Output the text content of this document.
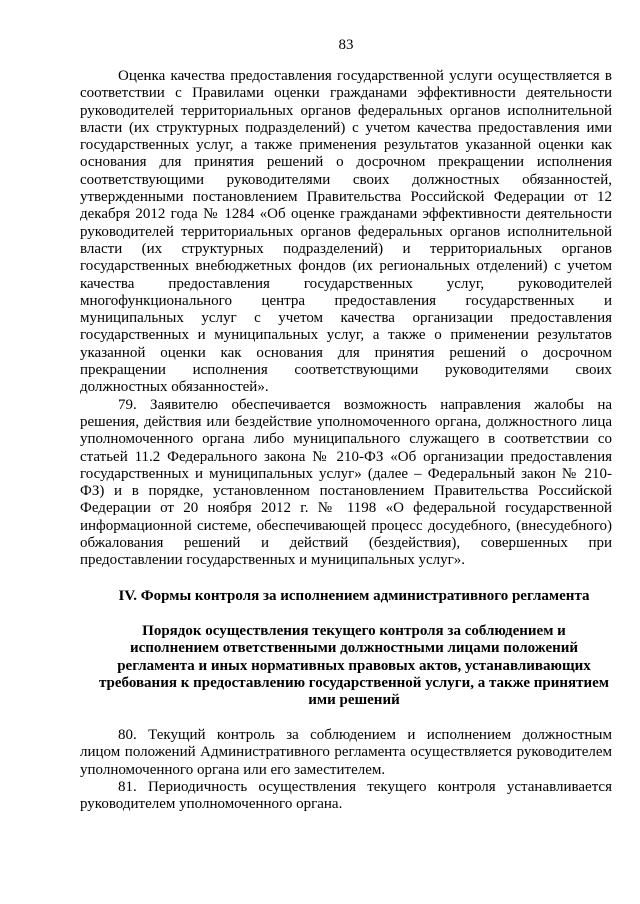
83
Оценка качества предоставления государственной услуги осуществляется в
соответствии с Правилами оценки гражданами эффективности деятельности
руководителей территориальных органов федеральных органов исполнительной
власти (их структурных подразделений) с учетом качества предоставления ими
государственных услуг, а также применения результатов указанной оценки как
основания для принятия решений о досрочном прекращении исполнения
соответствующими руководителями своих должностных обязанностей,
утвержденными постановлением Правительства Российской Федерации от 12
декабря 2012 года № 1284 «Об оценке гражданами эффективности деятельности
руководителей территориальных органов федеральных органов исполнительной
власти (их структурных подразделений) и территориальных органов
государственных внебюджетных фондов (их региональных отделений) с учетом
качества предоставления государственных услуг, руководителей
многофункционального центра предоставления государственных и
муниципальных услуг с учетом качества организации предоставления
государственных и муниципальных услуг, а также о применении результатов
указанной оценки как основания для принятия решений о досрочном
прекращении исполнения соответствующими руководителями своих
должностных обязанностей».
79. Заявителю обеспечивается возможность направления жалобы на
решения, действия или бездействие уполномоченного органа, должностного лица
уполномоченного органа либо муниципального служащего в соответствии со
статьей 11.2 Федерального закона № 210-ФЗ «Об организации предоставления
государственных и муниципальных услуг» (далее – Федеральный закон № 210-
ФЗ) и в порядке, установленном постановлением Правительства Российской
Федерации от 20 ноября 2012 г. № 1198 «О федеральной государственной
информационной системе, обеспечивающей процесс досудебного, (внесудебного)
обжалования решений и действий (бездействия), совершенных при
предоставлении государственных и муниципальных услуг».
IV. Формы контроля за исполнением административного регламента
Порядок осуществления текущего контроля за соблюдением и
исполнением ответственными должностными лицами положений
регламента и иных нормативных правовых актов, устанавливающих
требования к предоставлению государственной услуги, а также принятием
ими решений
80. Текущий контроль за соблюдением и исполнением должностным
лицом положений Административного регламента осуществляется руководителем
уполномоченного органа или его заместителем.
81. Периодичность осуществления текущего контроля устанавливается
руководителем уполномоченного органа.
